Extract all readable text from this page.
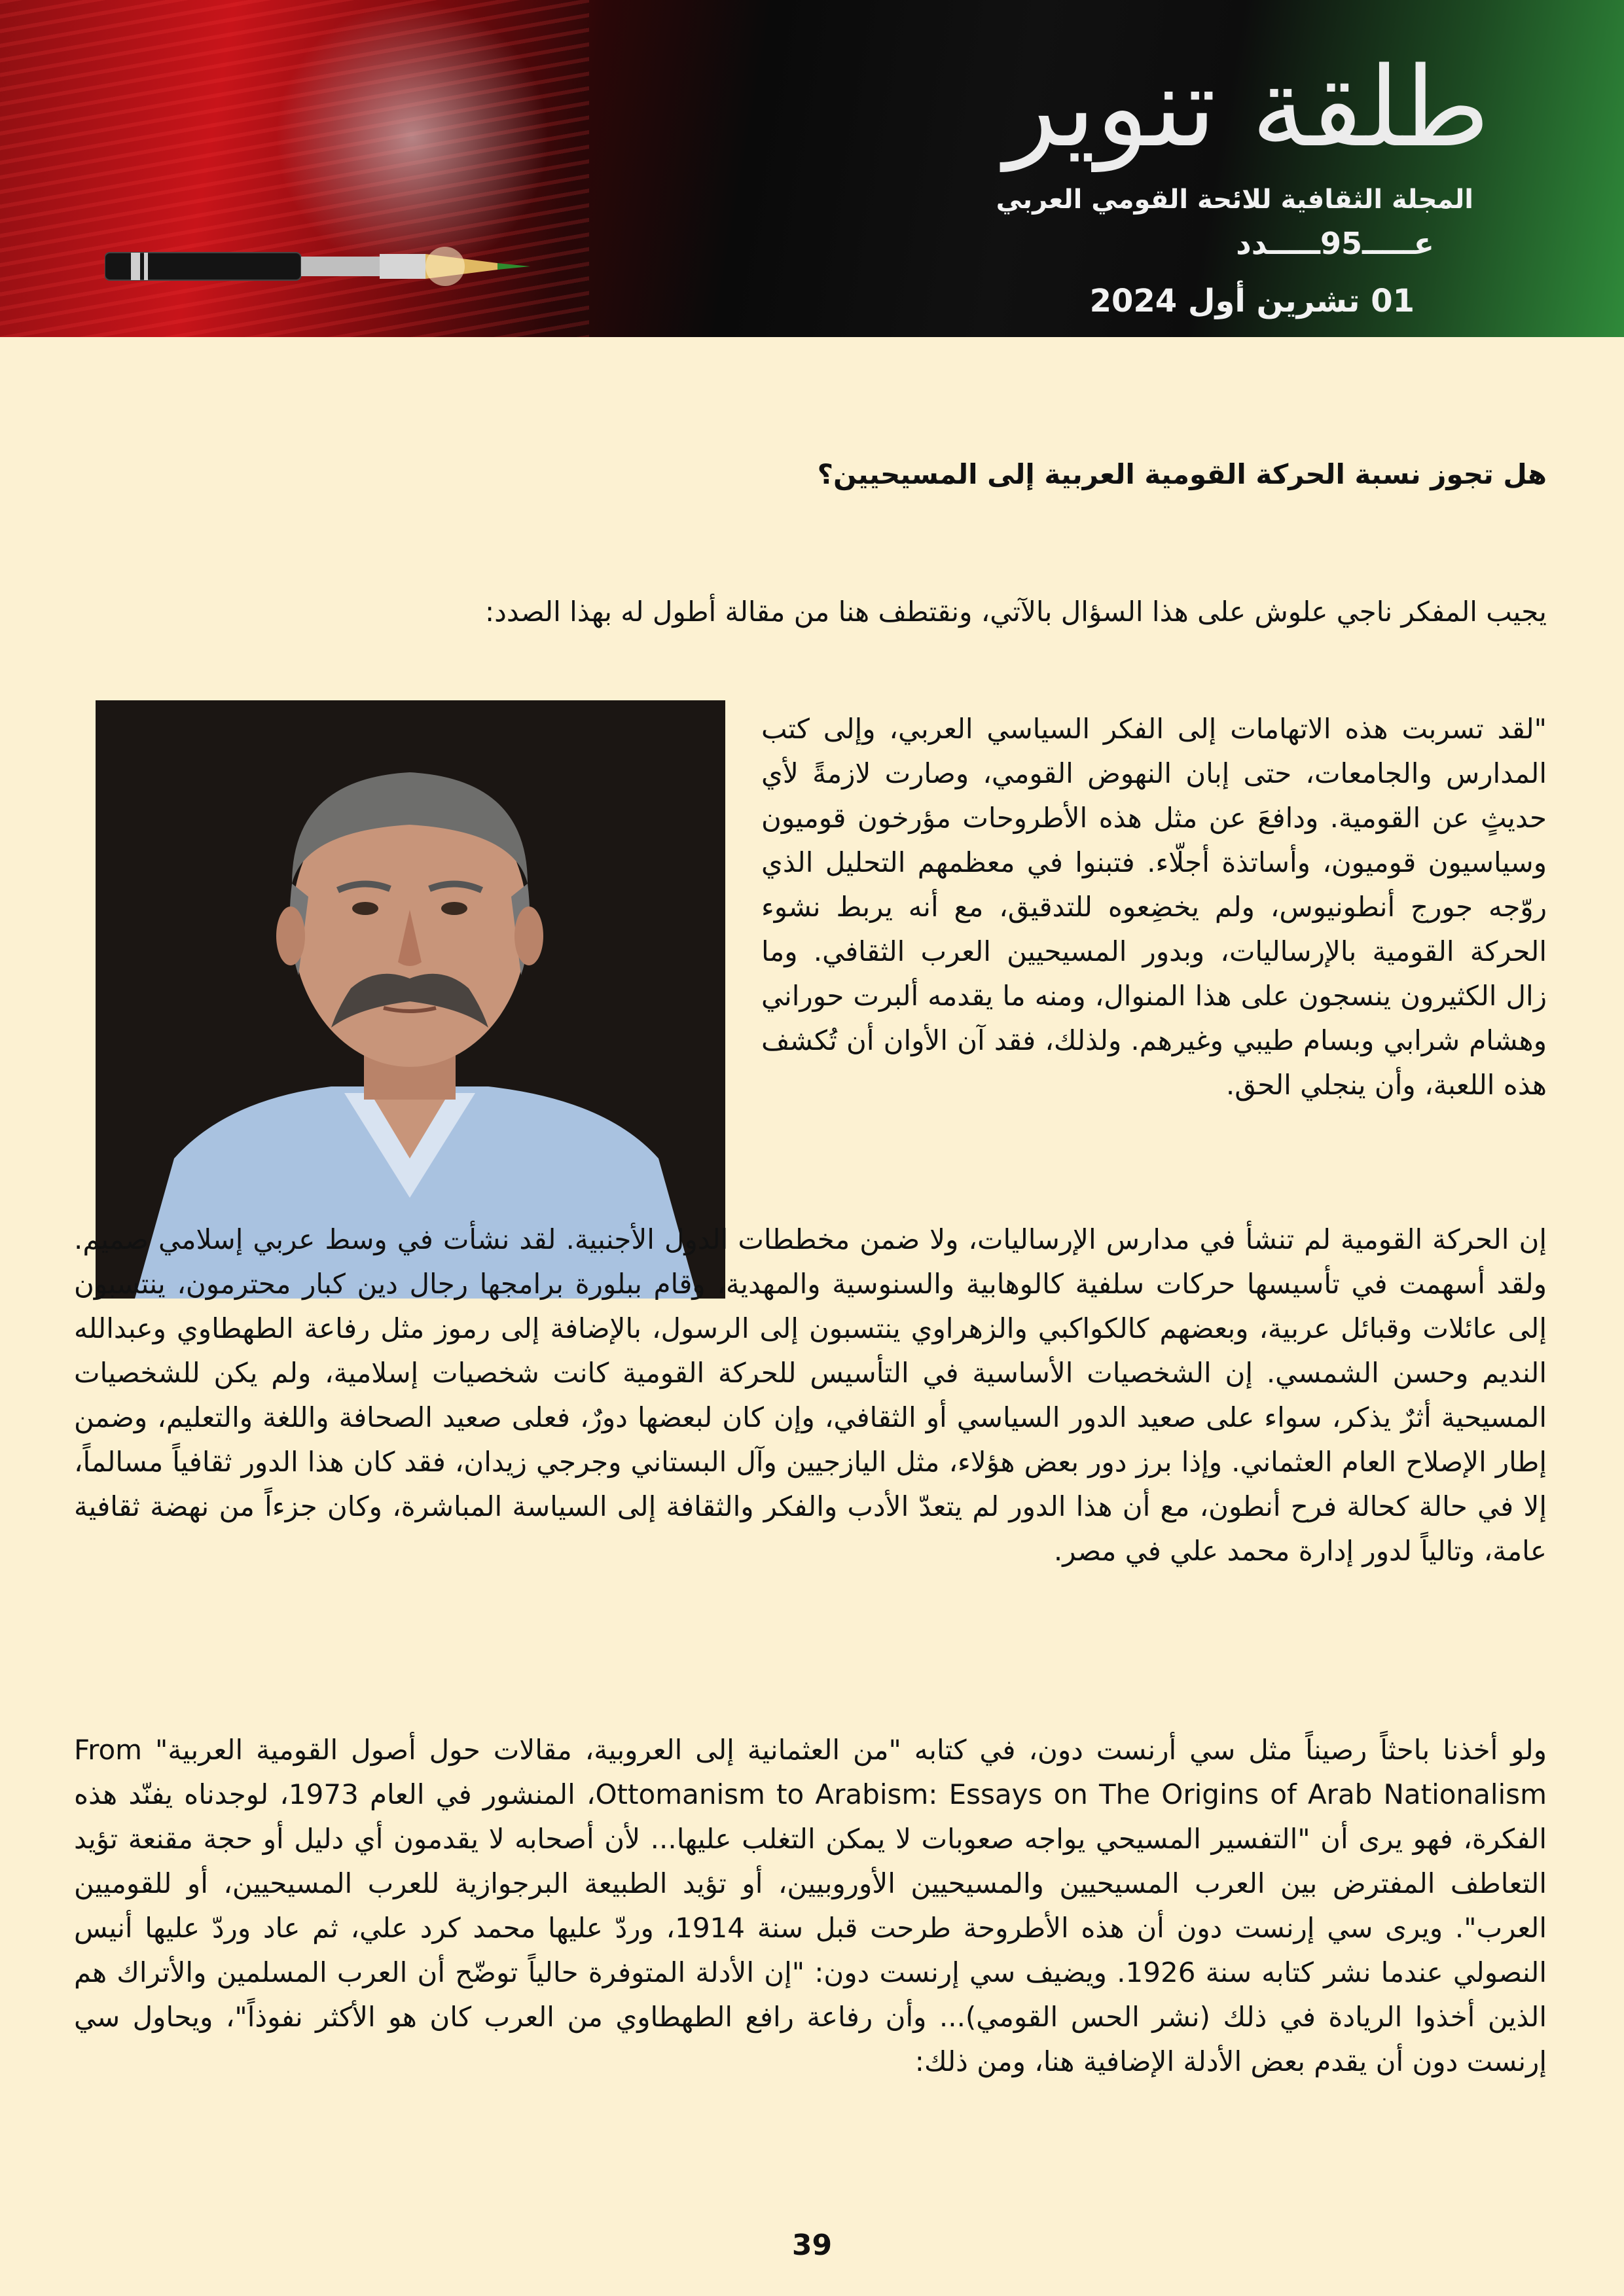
طلقة تنوير
المجلة الثقافية للائحة القومي العربي
عـــــ95ـــــدد
01 تشرين أول 2024
هل تجوز نسبة الحركة القومية العربية إلى المسيحيين؟
يجيب المفكر ناجي علوش على هذا السؤال بالآتي، ونقتطف هنا من مقالة أطول له بهذا الصدد:
"لقد تسربت هذه الاتهامات إلى الفكر السياسي العربي، وإلى كتب المدارس والجامعات، حتى إبان النهوض القومي، وصارت لازمةً لأي حديثٍ عن القومية. ودافعَ عن مثل هذه الأطروحات مؤرخون قوميون وسياسيون قوميون، وأساتذة أجلّاء. فتبنوا في معظمهم التحليل الذي روّجه جورج أنطونيوس، ولم يخضِعوه للتدقيق، مع أنه يربط نشوء الحركة القومية بالإرساليات، وبدور المسيحيين العرب الثقافي. وما زال الكثيرون ينسجون على هذا المنوال، ومنه ما يقدمه ألبرت حوراني وهشام شرابي وبسام طيبي وغيرهم. ولذلك، فقد آن الأوان أن تُكشف هذه اللعبة، وأن ينجلي الحق.
إن الحركة القومية لم تنشأ في مدارس الإرساليات، ولا ضمن مخططات الدول الأجنبية. لقد نشأت في وسط عربي إسلامي صميم. ولقد أسهمت في تأسيسها حركات سلفية كالوهابية والسنوسية والمهدية، وقام ببلورة برامجها رجال دين كبار محترمون، ينتسبون إلى عائلات وقبائل عربية، وبعضهم كالكواكبي والزهراوي ينتسبون إلى الرسول، بالإضافة إلى رموز مثل رفاعة الطهطاوي وعبدالله النديم وحسن الشمسي. إن الشخصيات الأساسية في التأسيس للحركة القومية كانت شخصيات إسلامية، ولم يكن للشخصيات المسيحية أثرٌ يذكر، سواء على صعيد الدور السياسي أو الثقافي، وإن كان لبعضها دورٌ، فعلى صعيد الصحافة واللغة والتعليم، وضمن إطار الإصلاح العام العثماني. وإذا برز دور بعض هؤلاء، مثل اليازجيين وآل البستاني وجرجي زيدان، فقد كان هذا الدور ثقافياً مسالماً، إلا في حالة كحالة فرح أنطون، مع أن هذا الدور لم يتعدّ الأدب والفكر والثقافة إلى السياسة المباشرة، وكان جزءاً من نهضة ثقافية عامة، وتالياً لدور إدارة محمد علي في مصر.
ولو أخذنا باحثاً رصيناً مثل سي أرنست دون، في كتابه "من العثمانية إلى العروبية، مقالات حول أصول القومية العربية" From Ottomanism to Arabism: Essays on The Origins of Arab Nationalism، المنشور في العام 1973، لوجدناه يفنّد هذه الفكرة، فهو يرى أن "التفسير المسيحي يواجه صعوبات لا يمكن التغلب عليها... لأن أصحابه لا يقدمون أي دليل أو حجة مقنعة تؤيد التعاطف المفترض بين العرب المسيحيين والمسيحيين الأوروبيين، أو تؤيد الطبيعة البرجوازية للعرب المسيحيين، أو للقوميين العرب". ويرى سي إرنست دون أن هذه الأطروحة طرحت قبل سنة 1914، وردّ عليها محمد كرد علي، ثم عاد وردّ عليها أنيس النصولي عندما نشر كتابه سنة 1926. ويضيف سي إرنست دون: "إن الأدلة المتوفرة حالياً توضّح أن العرب المسلمين والأتراك هم الذين أخذوا الريادة في ذلك (نشر الحس القومي)... وأن رفاعة رافع الطهطاوي من العرب كان هو الأكثر نفوذاً"، ويحاول سي إرنست دون أن يقدم بعض الأدلة الإضافية هنا، ومن ذلك:
39
